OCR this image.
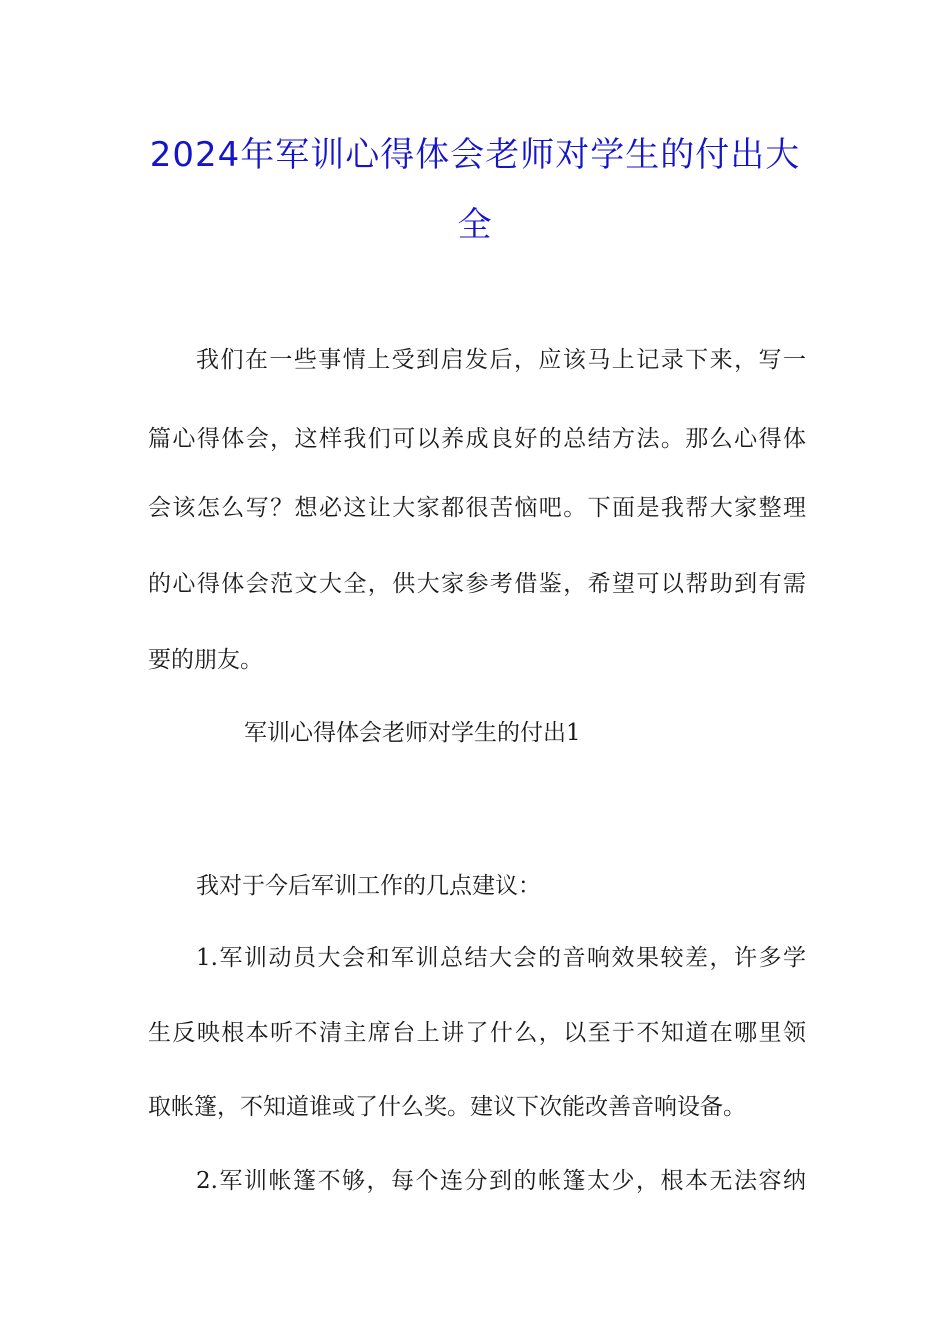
2024年军训心得体会老师对学生的付出大
全

我们在一些事情上受到启发后，应该马上记录下来，写一

篇心得体会，这样我们可以养成良好的总结方法。那么心得体

会该怎么写？想必这让大家都很苦恼吧。下面是我帮大家整理

的心得体会范文大全，供大家参考借鉴，希望可以帮助到有需

要的朋友。

军训心得体会老师对学生的付出1

我对于今后军训工作的几点建议：

1.军训动员大会和军训总结大会的音响效果较差，许多学

生反映根本听不清主席台上讲了什么，以至于不知道在哪里领

取帐篷，不知道谁或了什么奖。建议下次能改善音响设备。

2.军训帐篷不够，每个连分到的帐篷太少，根本无法容纳
